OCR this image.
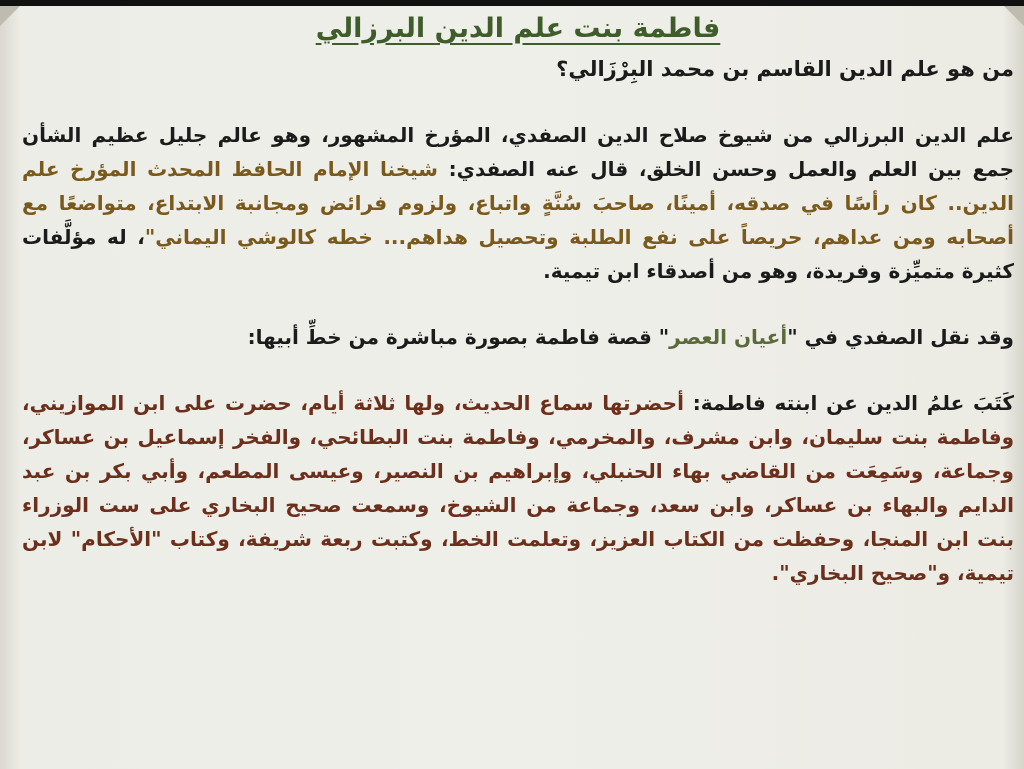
فاطمة بنت علم الدين البرزالي

من هو علم الدين القاسم بن محمد البِرْزَالي؟

علم الدين البرزالي من شيوخ صلاح الدين الصفدي، المؤرخ المشهور، وهو عالم جليل عظيم الشأن جمع بين العلم والعمل وحسن الخلق، قال عنه الصفدي: شيخنا الإمام الحافظ المحدث المؤرخ علم الدين.. كان رأسًا في صدقه، أمينًا، صاحبَ سُنَّةٍ واتباع، ولزوم فرائض ومجانبة الابتداع، متواضعًا مع أصحابه ومن عداهم، حريصاً على نفع الطلبة وتحصيل هداهم... خطه كالوشي اليماني"، له مؤلَّفات كثيرة متميِّزة وفريدة، وهو من أصدقاء ابن تيمية.

وقد نقل الصفدي في "أعيان العصر" قصة فاطمة بصورة مباشرة من خطِّ أبيها:

كَتَبَ علمُ الدين عن ابنته فاطمة: أحضرتها سماع الحديث، ولها ثلاثة أيام، حضرت على ابن الموازيني، وفاطمة بنت سليمان، وابن مشرف، والمخرمي، وفاطمة بنت البطائحي، والفخر إسماعيل بن عساكر، وجماعة، وسَمِعَت من القاضي بهاء الحنبلي، وإبراهيم بن النصير، وعيسى المطعم، وأبي بكر بن عبد الدايم والبهاء بن عساكر، وابن سعد، وجماعة من الشيوخ، وسمعت صحيح البخاري على ست الوزراء بنت ابن المنجا، وحفظت من الكتاب العزيز، وتعلمت الخط، وكتبت ربعة شريفة، وكتاب "الأحكام" لابن تيمية، و"صحيح البخاري".
